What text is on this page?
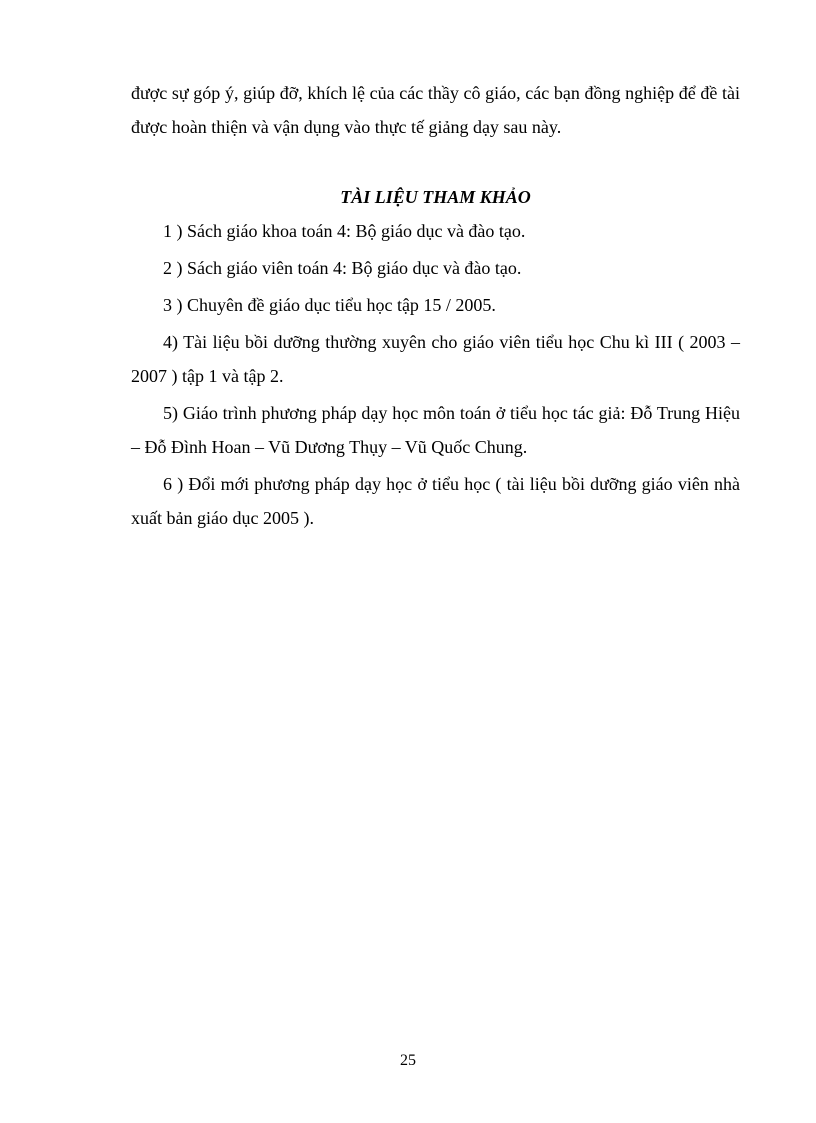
được sự góp ý, giúp đỡ, khích lệ của các thầy cô giáo, các bạn đồng nghiệp để đề tài được hoàn thiện và vận dụng vào thực tế giảng dạy sau này.

TÀI LIỆU THAM KHẢO

1 ) Sách giáo khoa toán 4: Bộ giáo dục và đào tạo.

2 ) Sách giáo viên toán 4: Bộ giáo dục và đào tạo.

3 ) Chuyên đề giáo dục tiểu học tập 15 / 2005.

4) Tài liệu bồi dưỡng thường xuyên cho giáo viên tiểu học Chu kì III ( 2003 – 2007 ) tập 1 và tập 2.

5) Giáo trình phương pháp dạy học môn toán ở tiểu học tác giả: Đỗ Trung Hiệu – Đỗ Đình Hoan – Vũ Dương Thụy – Vũ Quốc Chung.

6 ) Đổi mới phương pháp dạy học ở tiểu học ( tài liệu bồi dưỡng giáo viên nhà xuất bản giáo dục 2005 ).

25
